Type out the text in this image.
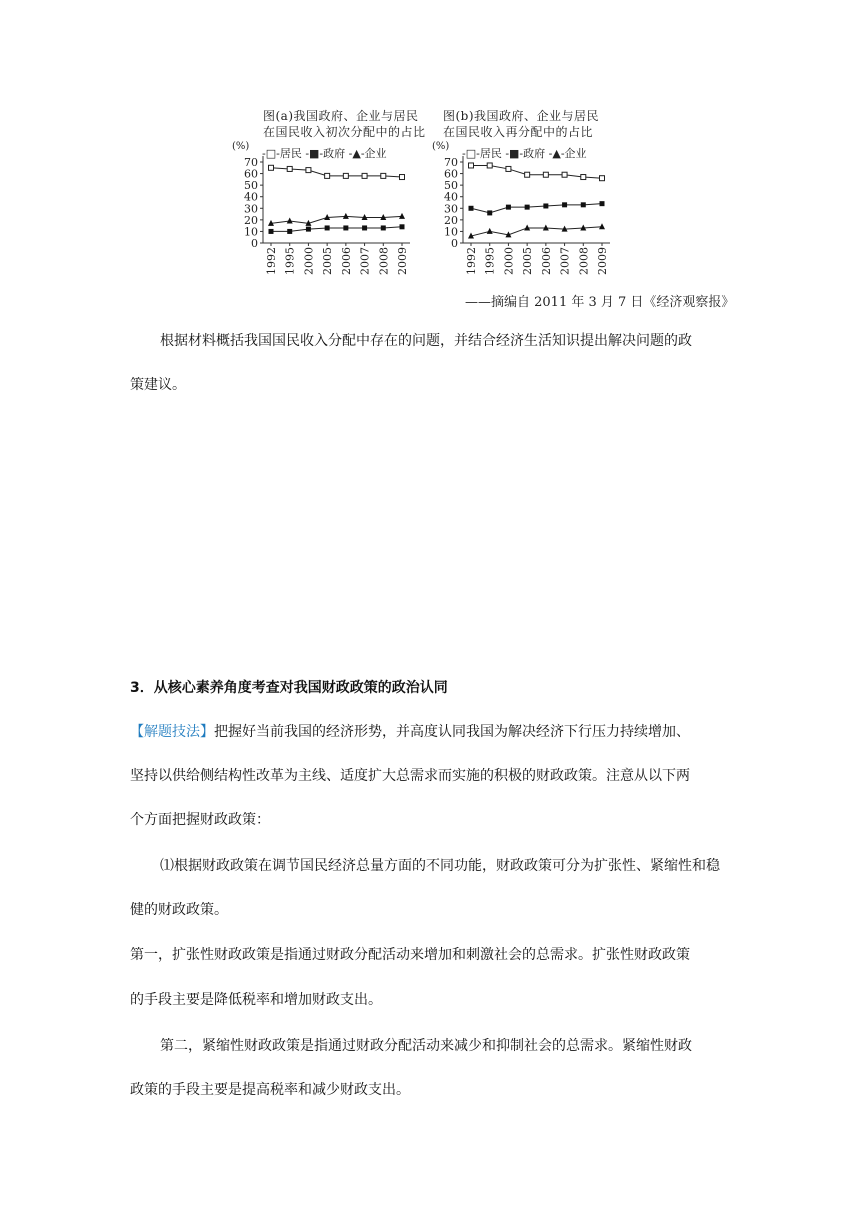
图(a)我国政府、企业与居民
在国民收入初次分配中的占比
(%)
-□-居民 -■-政府 -▲-企业
70
60
50
40
30
20
10
0
1992 1995 2000 2005 2006 2007 2008 2009
图(b)我国政府、企业与居民
在国民收入再分配中的占比
(%)
-□-居民 -■-政府 -▲-企业
70
60
50
40
30
20
10
0
1992 1995 2000 2005 2006 2007 2008 2009
——摘编自 2011 年 3 月 7 日《经济观察报》
根据材料概括我国国民收入分配中存在的问题，并结合经济生活知识提出解决问题的政
策建议。
3．从核心素养角度考查对我国财政政策的政治认同
【解题技法】把握好当前我国的经济形势，并高度认同我国为解决经济下行压力持续增加、
坚持以供给侧结构性改革为主线、适度扩大总需求而实施的积极的财政政策。注意从以下两
个方面把握财政政策：
⑴根据财政政策在调节国民经济总量方面的不同功能，财政政策可分为扩张性、紧缩性和稳
健的财政政策。
第一，扩张性财政政策是指通过财政分配活动来增加和刺激社会的总需求。扩张性财政政策
的手段主要是降低税率和增加财政支出。
第二，紧缩性财政政策是指通过财政分配活动来减少和抑制社会的总需求。紧缩性财政
政策的手段主要是提高税率和减少财政支出。
